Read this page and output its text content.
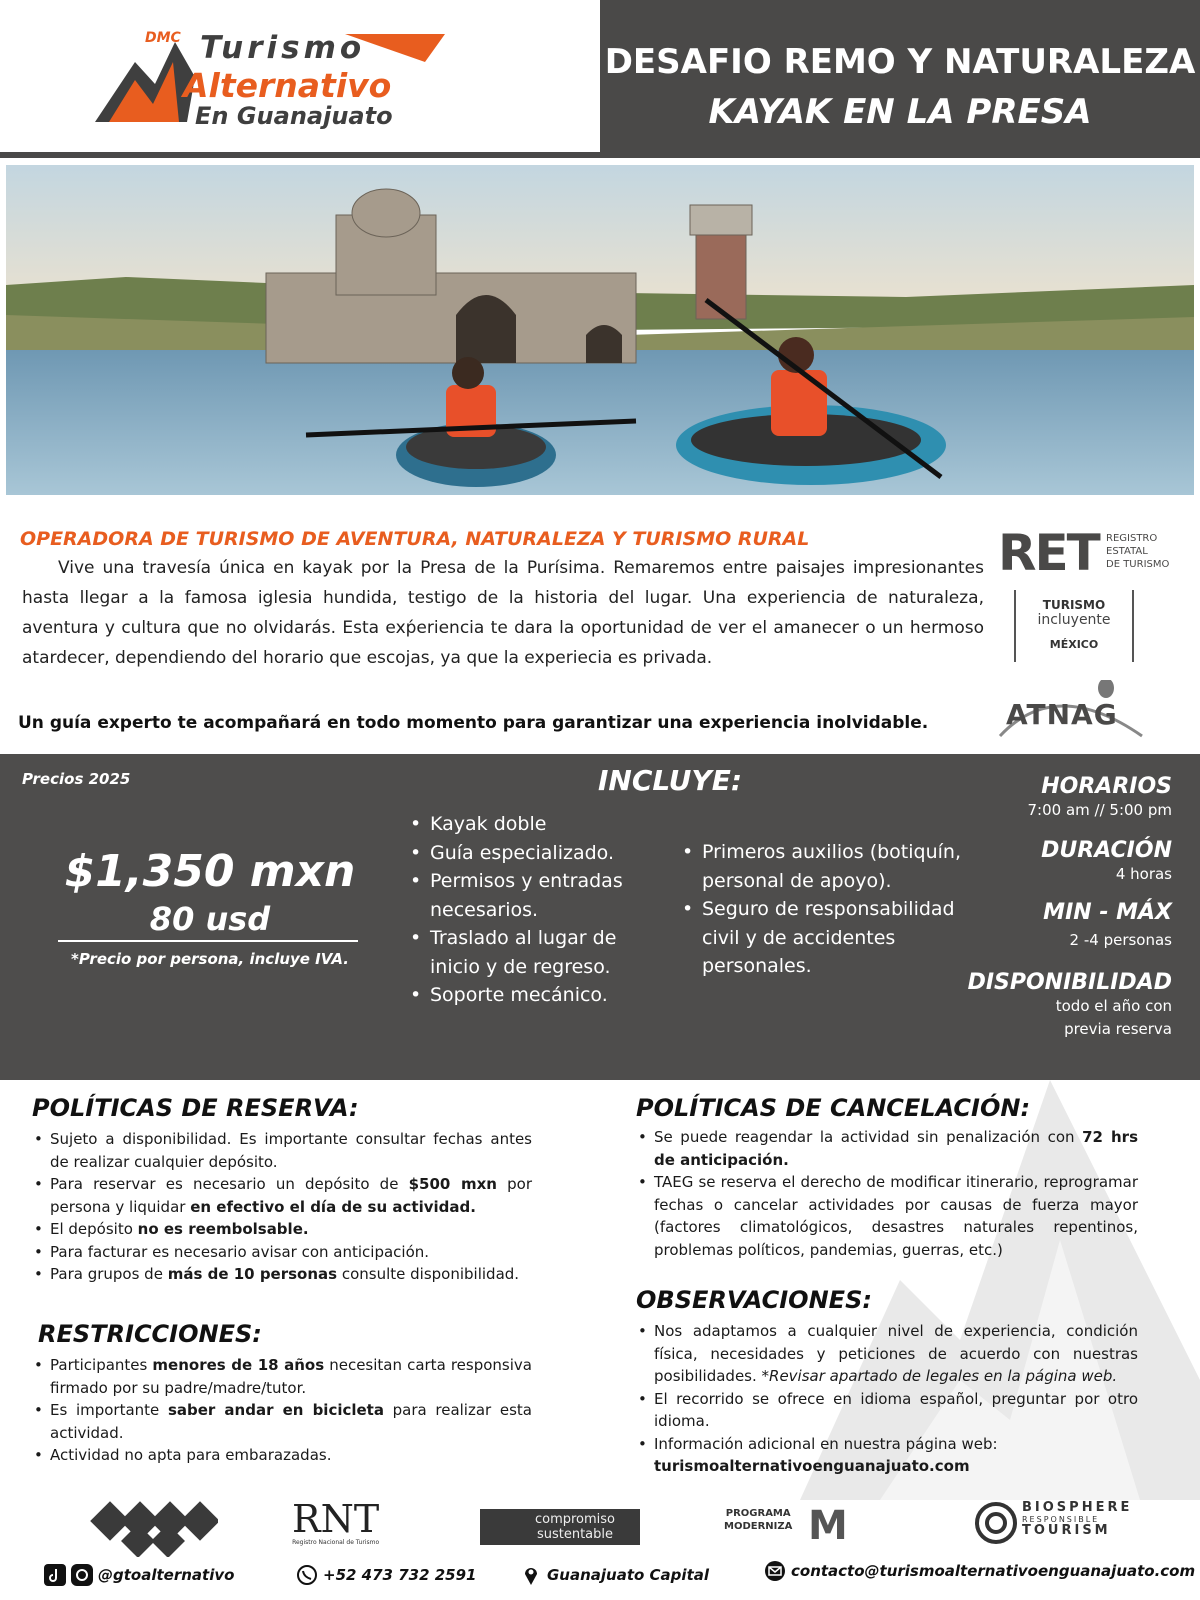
DMC Turismo
Alternativo
En Guanajuato
DESAFIO REMO Y NATURALEZA
KAYAK EN LA PRESA
OPERADORA DE TURISMO DE AVENTURA, NATURALEZA Y TURISMO RURAL

Vive una travesía única en kayak por la Presa de la Purísima. Remaremos entre paisajes impresionantes hasta llegar a la famosa iglesia hundida, testigo de la historia del lugar. Una experiencia de naturaleza, aventura y cultura que no olvidarás. Esta exṕeriencia te dara la oportunidad de ver el amanecer o un hermoso atardecer, dependiendo del horario que escojas, ya que la experiecia es privada.

Un guía experto te acompañará en todo momento para garantizar una experiencia inolvidable.
RET REGISTRO
ESTATAL
DE TURISMO
TURISMO
incluyente
MÉXICO
ATNAG
Precios 2025
$1,350 mxn
80 usd
*Precio por persona, incluye IVA.
INCLUYE:
• Kayak doble
• Guía especializado.
• Permisos y entradas necesarios.
• Traslado al lugar de inicio y de regreso.
• Soporte mecánico.
• Primeros auxilios (botiquín, personal de apoyo).
• Seguro de responsabilidad civil y de accidentes personales.
HORARIOS
7:00 am // 5:00 pm
DURACIÓN
4 horas
MIN - MÁX
2 -4 personas
DISPONIBILIDAD
todo el año con
previa reserva
POLÍTICAS DE RESERVA:
• Sujeto a disponibilidad. Es importante consultar fechas antes de realizar cualquier depósito.
• Para reservar es necesario un depósito de $500 mxn por persona y liquidar en efectivo el día de su actividad.
• El depósito no es reembolsable.
• Para facturar es necesario avisar con anticipación.
• Para grupos de más de 10 personas consulte disponibilidad.
RESTRICCIONES:
• Participantes menores de 18 años necesitan carta responsiva firmado por su padre/madre/tutor.
• Es importante saber andar en bicicleta para realizar esta actividad.
• Actividad no apta para embarazadas.
POLÍTICAS DE CANCELACIÓN:
• Se puede reagendar la actividad sin penalización con 72 hrs de anticipación.
• TAEG se reserva el derecho de modificar itinerario, reprogramar fechas o cancelar actividades por causas de fuerza mayor (factores climatológicos, desastres naturales repentinos, problemas políticos, pandemias, guerras, etc.)
OBSERVACIONES:
• Nos adaptamos a cualquier nivel de experiencia, condición física, necesidades y peticiones de acuerdo con nuestras posibilidades. *Revisar apartado de legales en la página web.
• El recorrido se ofrece en idioma español, preguntar por otro idioma.
• Información adicional en nuestra página web:
turismoalternativoenguanajuato.com
RNT
Registro Nacional de Turismo
compromiso
sustentable
PROGRAMA
MODERNIZA M	BIOSPHERE
RESPONSIBLE
TOURISM
@gtoalternativo	+52 473 732 2591	Guanajuato Capital	contacto@turismoalternativoenguanajuato.com
